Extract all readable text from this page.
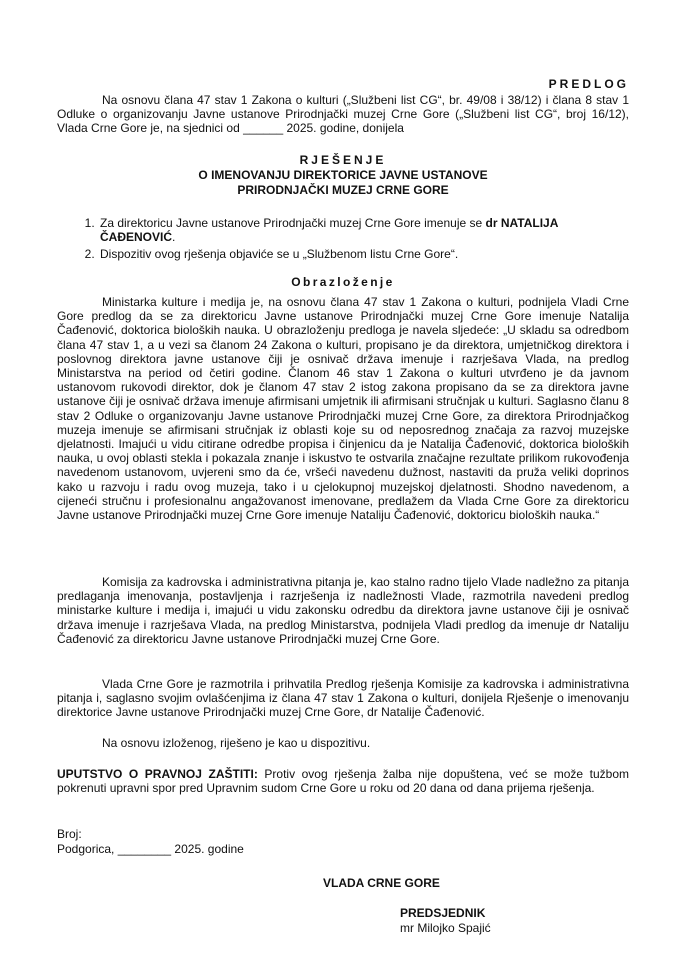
PREDLOG
Na osnovu člana 47 stav 1 Zakona o kulturi („Službeni list CG“, br. 49/08 i 38/12) i člana 8 stav 1 Odluke o organizovanju Javne ustanove Prirodnjački muzej Crne Gore („Službeni list CG“, broj 16/12), Vlada Crne Gore je, na sjednici od ______ 2025. godine, donijela
RJEŠENJE
O IMENOVANJU DIREKTORICE JAVNE USTANOVE
PRIRODNJAČKI MUZEJ CRNE GORE
1. Za direktoricu Javne ustanove Prirodnjački muzej Crne Gore imenuje se dr NATALIJA ČAĐENOVIĆ.
2. Dispozitiv ovog rješenja objaviće se u „Službenom listu Crne Gore“.
Obrazloženje
Ministarka kulture i medija je, na osnovu člana 47 stav 1 Zakona o kulturi, podnijela Vladi Crne Gore predlog da se za direktoricu Javne ustanove Prirodnjački muzej Crne Gore imenuje Natalija Čađenović, doktorica bioloških nauka. U obrazloženju predloga je navela sljedeće: „U skladu sa odredbom člana 47 stav 1, a u vezi sa članom 24 Zakona o kulturi, propisano je da direktora, umjetničkog direktora i poslovnog direktora javne ustanove čiji je osnivač država imenuje i razrješava Vlada, na predlog Ministarstva na period od četiri godine. Članom 46 stav 1 Zakona o kulturi utvrđeno je da javnom ustanovom rukovodi direktor, dok je članom 47 stav 2 istog zakona propisano da se za direktora javne ustanove čiji je osnivač država imenuje afirmisani umjetnik ili afirmisani stručnjak u kulturi. Saglasno članu 8 stav 2 Odluke o organizovanju Javne ustanove Prirodnjački muzej Crne Gore, za direktora Prirodnjačkog muzeja imenuje se afirmisani stručnjak iz oblasti koje su od neposrednog značaja za razvoj muzejske djelatnosti. Imajući u vidu citirane odredbe propisa i činjenicu da je Natalija Čađenović, doktorica bioloških nauka, u ovoj oblasti stekla i pokazala znanje i iskustvo te ostvarila značajne rezultate prilikom rukovođenja navedenom ustanovom, uvjereni smo da će, vršeći navedenu dužnost, nastaviti da pruža veliki doprinos kako u razvoju i radu ovog muzeja, tako i u cjelokupnoj muzejskoj djelatnosti. Shodno navedenom, a cijeneći stručnu i profesionalnu angažovanost imenovane, predlažem da Vlada Crne Gore za direktoricu Javne ustanove Prirodnjački muzej Crne Gore imenuje Nataliju Čađenović, doktoricu bioloških nauka.“
Komisija za kadrovska i administrativna pitanja je, kao stalno radno tijelo Vlade nadležno za pitanja predlaganja imenovanja, postavljenja i razrješenja iz nadležnosti Vlade, razmotrila navedeni predlog ministarke kulture i medija i, imajući u vidu zakonsku odredbu da direktora javne ustanove čiji je osnivač država imenuje i razrješava Vlada, na predlog Ministarstva, podnijela Vladi predlog da imenuje dr Nataliju Čađenović za direktoricu Javne ustanove Prirodnjački muzej Crne Gore.
Vlada Crne Gore je razmotrila i prihvatila Predlog rješenja Komisije za kadrovska i administrativna pitanja i, saglasno svojim ovlašćenjima iz člana 47 stav 1 Zakona o kulturi, donijela Rješenje o imenovanju direktorice Javne ustanove Prirodnjački muzej Crne Gore, dr Natalije Čađenović.
Na osnovu izloženog, riješeno je kao u dispozitivu.
UPUTSTVO O PRAVNOJ ZAŠTITI: Protiv ovog rješenja žalba nije dopuštena, već se može tužbom pokrenuti upravni spor pred Upravnim sudom Crne Gore u roku od 20 dana od dana prijema rješenja.
Broj:
Podgorica, ________ 2025. godine
VLADA CRNE GORE
PREDSJEDNIK
mr Milojko Spajić
